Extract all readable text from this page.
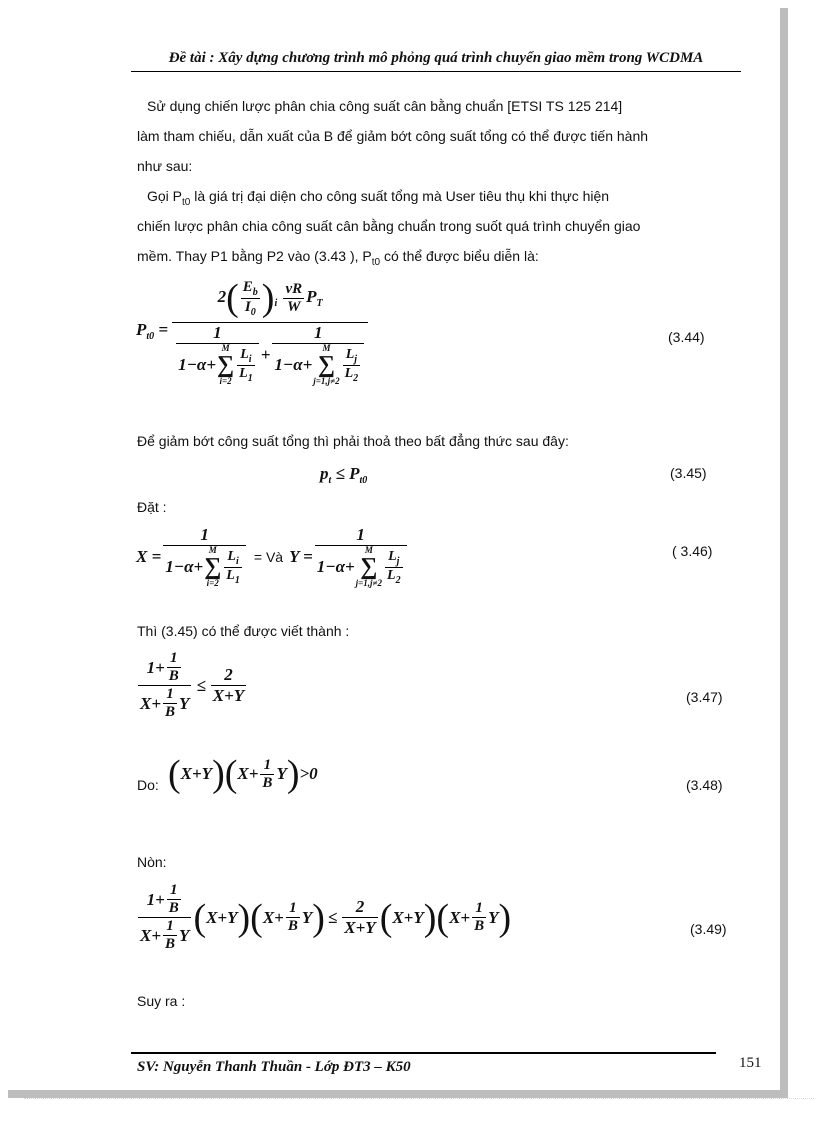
Đề tài : Xây dựng chương trình mô phỏng quá trình chuyển giao mềm trong WCDMA
Sử dụng chiến lược phân chia công suất cân bằng chuẩn [ETSI TS 125 214]
làm tham chiếu, dẫn xuất của B để giảm bớt công suất tổng có thể được tiến hành
như sau:
Gọi $P_{t0}$ là giá trị đại diện cho công suất tổng mà User tiêu thụ khi thực hiện
chiến lược phân chia công suất cân bằng chuẩn trong suốt quá trình chuyển giao
mềm. Thay P1 bằng P2 vào (3.43 ), $P_{t0}$ có thể được biểu diễn là:
$P_{t0} = 2( \frac{E_b}{I_0} )_i \frac{vR}{W} P_T$
1
1− α+
M
∑
$i=2 \frac{L_i}{L_1} + 1$
1− α+
M
∑
$j=1,j\ne 2 \frac{L_j}{L_2}$	(3.44)
Để giảm bớt công suất tổng thì phải thoả theo bất đẳng thức sau đây:
$p_t \le P_{t0}$	(3.45)
Đặt :
X = 1
1− α+
M
∑
$i=2 \frac{L_i}{L_1}$ = Và Y = 1
1− α+
M
∑
$j=1,j\ne 2 \frac{L_j}{L_2}$	( 3.46)
Thì (3.45) có thể được viết thành :
$\frac{1+ \frac{1}{B}}{X+ \frac{1}{B} Y} \le \frac{2}{X+Y}$	(3.47)
Do: ( X+Y ) ( $X+ \frac{1}{B}$ Y ) >0
(3.48)
Nòn:
$\frac{1+ \frac{1}{B}}{X+ \frac{1}{B} Y}$ ( X+Y ) ( $X+ \frac{1}{B}$ Y ) ≤ $\frac{2}{X+Y}$ ( X+Y ) ( $X+ \frac{1}{B}$ Y )	(3.49)
Suy ra :
SV: Nguyễn Thanh Thuần - Lớp ĐT3 – K50	151
